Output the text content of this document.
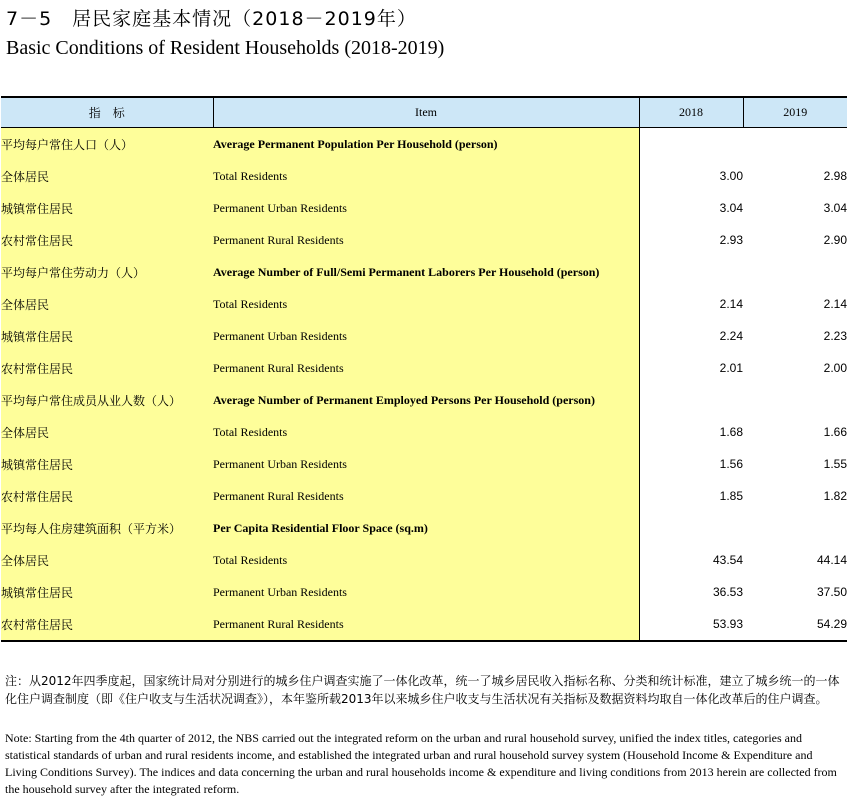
7－5　居民家庭基本情况（2018－2019年）
Basic Conditions of Resident Households (2018-2019)
指　标	Item	2018	2019
平均每户常住人口（人）	Average Permanent Population Per Household (person)		
全体居民	Total Residents	3.00	2.98
城镇常住居民	Permanent Urban Residents	3.04	3.04
农村常住居民	Permanent Rural Residents	2.93	2.90
平均每户常住劳动力（人）	Average Number of Full/Semi Permanent Laborers Per Household (person)		
全体居民	Total Residents	2.14	2.14
城镇常住居民	Permanent Urban Residents	2.24	2.23
农村常住居民	Permanent Rural Residents	2.01	2.00
平均每户常住成员从业人数（人）	Average Number of Permanent Employed Persons Per Household (person)		
全体居民	Total Residents	1.68	1.66
城镇常住居民	Permanent Urban Residents	1.56	1.55
农村常住居民	Permanent Rural Residents	1.85	1.82
平均每人住房建筑面积（平方米）	Per Capita Residential Floor Space (sq.m)		
全体居民	Total Residents	43.54	44.14
城镇常住居民	Permanent Urban Residents	36.53	37.50
农村常住居民	Permanent Rural Residents	53.93	54.29
注：从2012年四季度起，国家统计局对分别进行的城乡住户调查实施了一体化改革，统一了城乡居民收入指标名称、分类和统计标准，建立了城乡统一的一体化住户调查制度（即《住户收支与生活状况调查》），本年鉴所载2013年以来城乡住户收支与生活状况有关指标及数据资料均取自一体化改革后的住户调查。
Note: Starting from the 4th quarter of 2012, the NBS carried out the integrated reform on the urban and rural household survey, unified the index titles, categories and statistical standards of urban and rural residents income, and established the integrated urban and rural household survey system (Household Income & Expenditure and Living Conditions Survey). The indices and data concerning the urban and rural households income & expenditure and living conditions from 2013 herein are collected from the household survey after the integrated reform.
